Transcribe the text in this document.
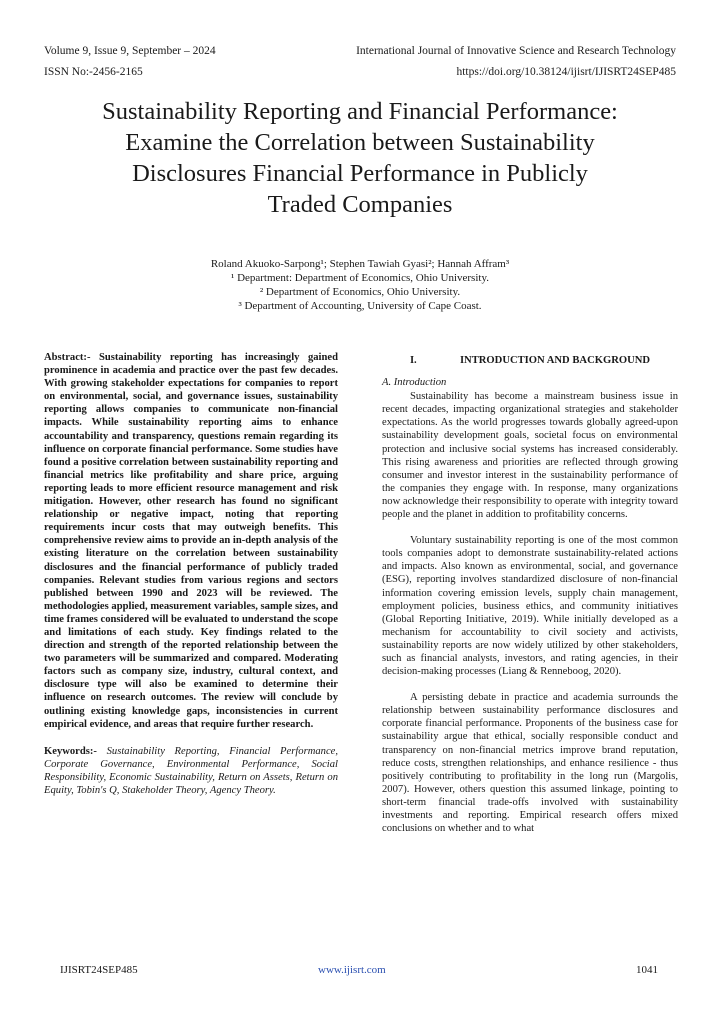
Volume 9, Issue 9, September – 2024	International Journal of Innovative Science and Research Technology
ISSN No:-2456-2165	https://doi.org/10.38124/ijisrt/IJISRT24SEP485
Sustainability Reporting and Financial Performance:
Examine the Correlation between Sustainability
Disclosures Financial Performance in Publicly
Traded Companies
Roland Akuoko-Sarpong¹; Stephen Tawiah Gyasi²; Hannah Affram³
¹ Department: Department of Economics, Ohio University.
² Department of Economics, Ohio University.
³ Department of Accounting, University of Cape Coast.
Abstract:- Sustainability reporting has increasingly gained prominence in academia and practice over the past few decades. With growing stakeholder expectations for companies to report on environmental, social, and governance issues, sustainability reporting allows companies to communicate non-financial impacts. While sustainability reporting aims to enhance accountability and transparency, questions remain regarding its influence on corporate financial performance. Some studies have found a positive correlation between sustainability reporting and financial metrics like profitability and share price, arguing reporting leads to more efficient resource management and risk mitigation. However, other research has found no significant relationship or negative impact, noting that reporting requirements incur costs that may outweigh benefits. This comprehensive review aims to provide an in-depth analysis of the existing literature on the correlation between sustainability disclosures and the financial performance of publicly traded companies. Relevant studies from various regions and sectors published between 1990 and 2023 will be reviewed. The methodologies applied, measurement variables, sample sizes, and time frames considered will be evaluated to understand the scope and limitations of each study. Key findings related to the direction and strength of the reported relationship between the two parameters will be summarized and compared. Moderating factors such as company size, industry, cultural context, and disclosure type will also be examined to determine their influence on research outcomes. The review will conclude by outlining existing knowledge gaps, inconsistencies in current empirical evidence, and areas that require further research.
Keywords:- Sustainability Reporting, Financial Performance, Corporate Governance, Environmental Performance, Social Responsibility, Economic Sustainability, Return on Assets, Return on Equity, Tobin's Q, Stakeholder Theory, Agency Theory.
I.	INTRODUCTION AND BACKGROUND
A. Introduction
Sustainability has become a mainstream business issue in recent decades, impacting organizational strategies and stakeholder expectations. As the world progresses towards globally agreed-upon sustainability development goals, societal focus on environmental protection and inclusive social systems has increased considerably. This rising awareness and priorities are reflected through growing consumer and investor interest in the sustainability performance of the companies they engage with. In response, many organizations now acknowledge their responsibility to operate with integrity toward people and the planet in addition to profitability concerns.
Voluntary sustainability reporting is one of the most common tools companies adopt to demonstrate sustainability-related actions and impacts. Also known as environmental, social, and governance (ESG), reporting involves standardized disclosure of non-financial information covering emission levels, supply chain management, employment policies, business ethics, and community initiatives (Global Reporting Initiative, 2019). While initially developed as a mechanism for accountability to civil society and activists, sustainability reports are now widely utilized by other stakeholders, such as financial analysts, investors, and rating agencies, in their decision-making processes (Liang & Renneboog, 2020).
A persisting debate in practice and academia surrounds the relationship between sustainability performance disclosures and corporate financial performance. Proponents of the business case for sustainability argue that ethical, socially responsible conduct and transparency on non-financial metrics improve brand reputation, reduce costs, strengthen relationships, and enhance resilience - thus positively contributing to profitability in the long run (Margolis, 2007). However, others question this assumed linkage, pointing to short-term financial trade-offs involved with sustainability investments and reporting. Empirical research offers mixed conclusions on whether and to what
IJISRT24SEP485	www.ijisrt.com	1041
